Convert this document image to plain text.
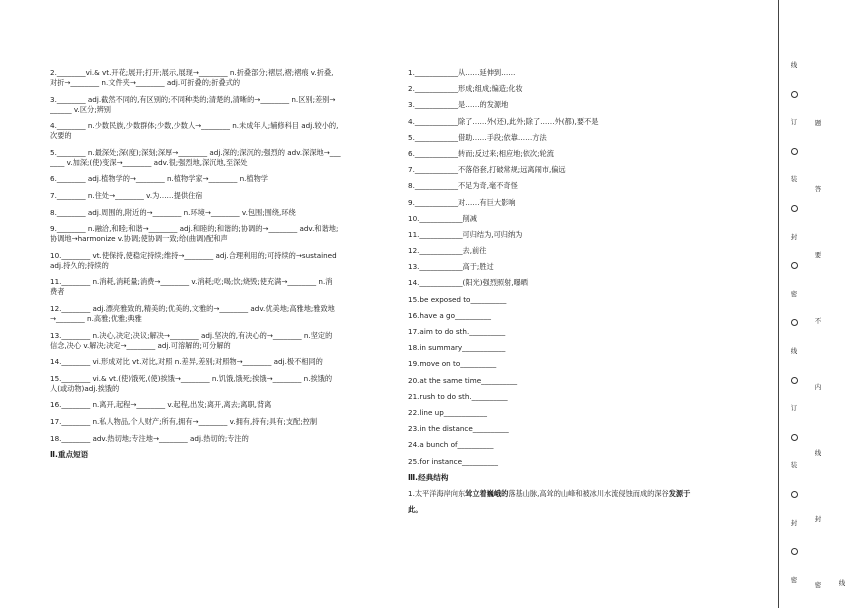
2.________vi.& vt.开花;展开;打开;展示,展现→________ n.折叠部分;褶层,褶;褶痕 v.折叠,
对折→________ n.文件夹→________ adj.可折叠的;折叠式的
3.________ adj.截然不同的,有区别的;不同种类的;清楚的,清晰的→________ n.区别;差别→
______ v.区分;辨别
4.________ n.少数民族,少数群体;少数,少数人→________ n.未成年人;辅修科目 adj.较小的,
次要的
5.________ n.最深处;深(度);深刻;深厚→________ adj.深的;深沉的;强烈的 adv.深深地→___
____ v.加深;(使)变深→________ adv.很;强烈地,深沉地,至深处
6.________ adj.植物学的→________ n.植物学家→________ n.植物学
7.________ n.住处→________ v.为……提供住宿
8.________ adj.周围的,附近的→________ n.环境→________ v.包围;围绕,环绕
9.________ n.融洽,和睦;和谐→________ adj.和睦的;和谐的;协调的→________ adv.和谐地;
协调地→harmonize v.协调;使协调一致;给(曲调)配和声
10.________ vt.使保持,使稳定持续;维持→________ adj.合理利用的;可持续的→sustained
adj.持久的;持续的
11.________ n.消耗,消耗量;消费→________ v.消耗;吃;喝;饮;烧毁;使充满→________ n.消
费者
12.________ adj.漂亮雅致的,精美的;优美的,文雅的→________ adv.优美地;高雅地;雅致地
→________ n.高雅;优雅;典雅
13.________ n.决心,决定;决议;解决→________ adj.坚决的,有决心的→________ n.坚定的
信念,决心 v.解决;决定→________ adj.可溶解的;可分解的
14.________ vi.形成对比 vt.对比,对照 n.差异,差别;对照物→________ adj.极不相同的
15.________ vi.& vt.(使)饿死,(使)挨饿→________ n.饥饿,饿死;挨饿→________ n.挨饿的
人(或动物)adj.挨饿的
16.________ n.离开,起程→________ v.起程,出发;离开,离去;离职,背离
17.________ n.私人物品,个人财产;所有,拥有→________ v.拥有,持有;具有;支配;控制
18.________ adv.热切地;专注地→________ adj.热切的;专注的
Ⅱ.重点短语
1.____________从……延伸到……
2.____________形成;组成;编造;化妆
3.____________是……的发源地
4.____________除了……外(还),此外;除了……外(都),要不是
5.____________借助……手段;依靠……方法
6.____________转而;反过来;相应地;依次;轮流
7.____________不落俗套,打破常规;远离闹市,偏远
8.____________不足为奇,毫不奇怪
9.____________对……有巨大影响
10.____________削减
11.____________可归结为,可归纳为
12.____________去,前往
13.____________高于;胜过
14.____________(阳光)强烈照射,曝晒
15.be exposed to__________
16.have a go__________
17.aim to do sth.__________
18.in summary____________
19.move on to__________
20.at the same time__________
21.rush to do sth.__________
22.line up____________
23.in the distance__________
24.a bunch of__________
25.for instance__________
Ⅲ.经典结构
1.太平洋海岸向东耸立着巍峨的落基山脉,高耸的山峰和被冰川水流侵蚀而成的深谷发源于
此。
线
订
装
封
密
线
订
装
封
密
题
答
要
不
内
线
封
密	线
